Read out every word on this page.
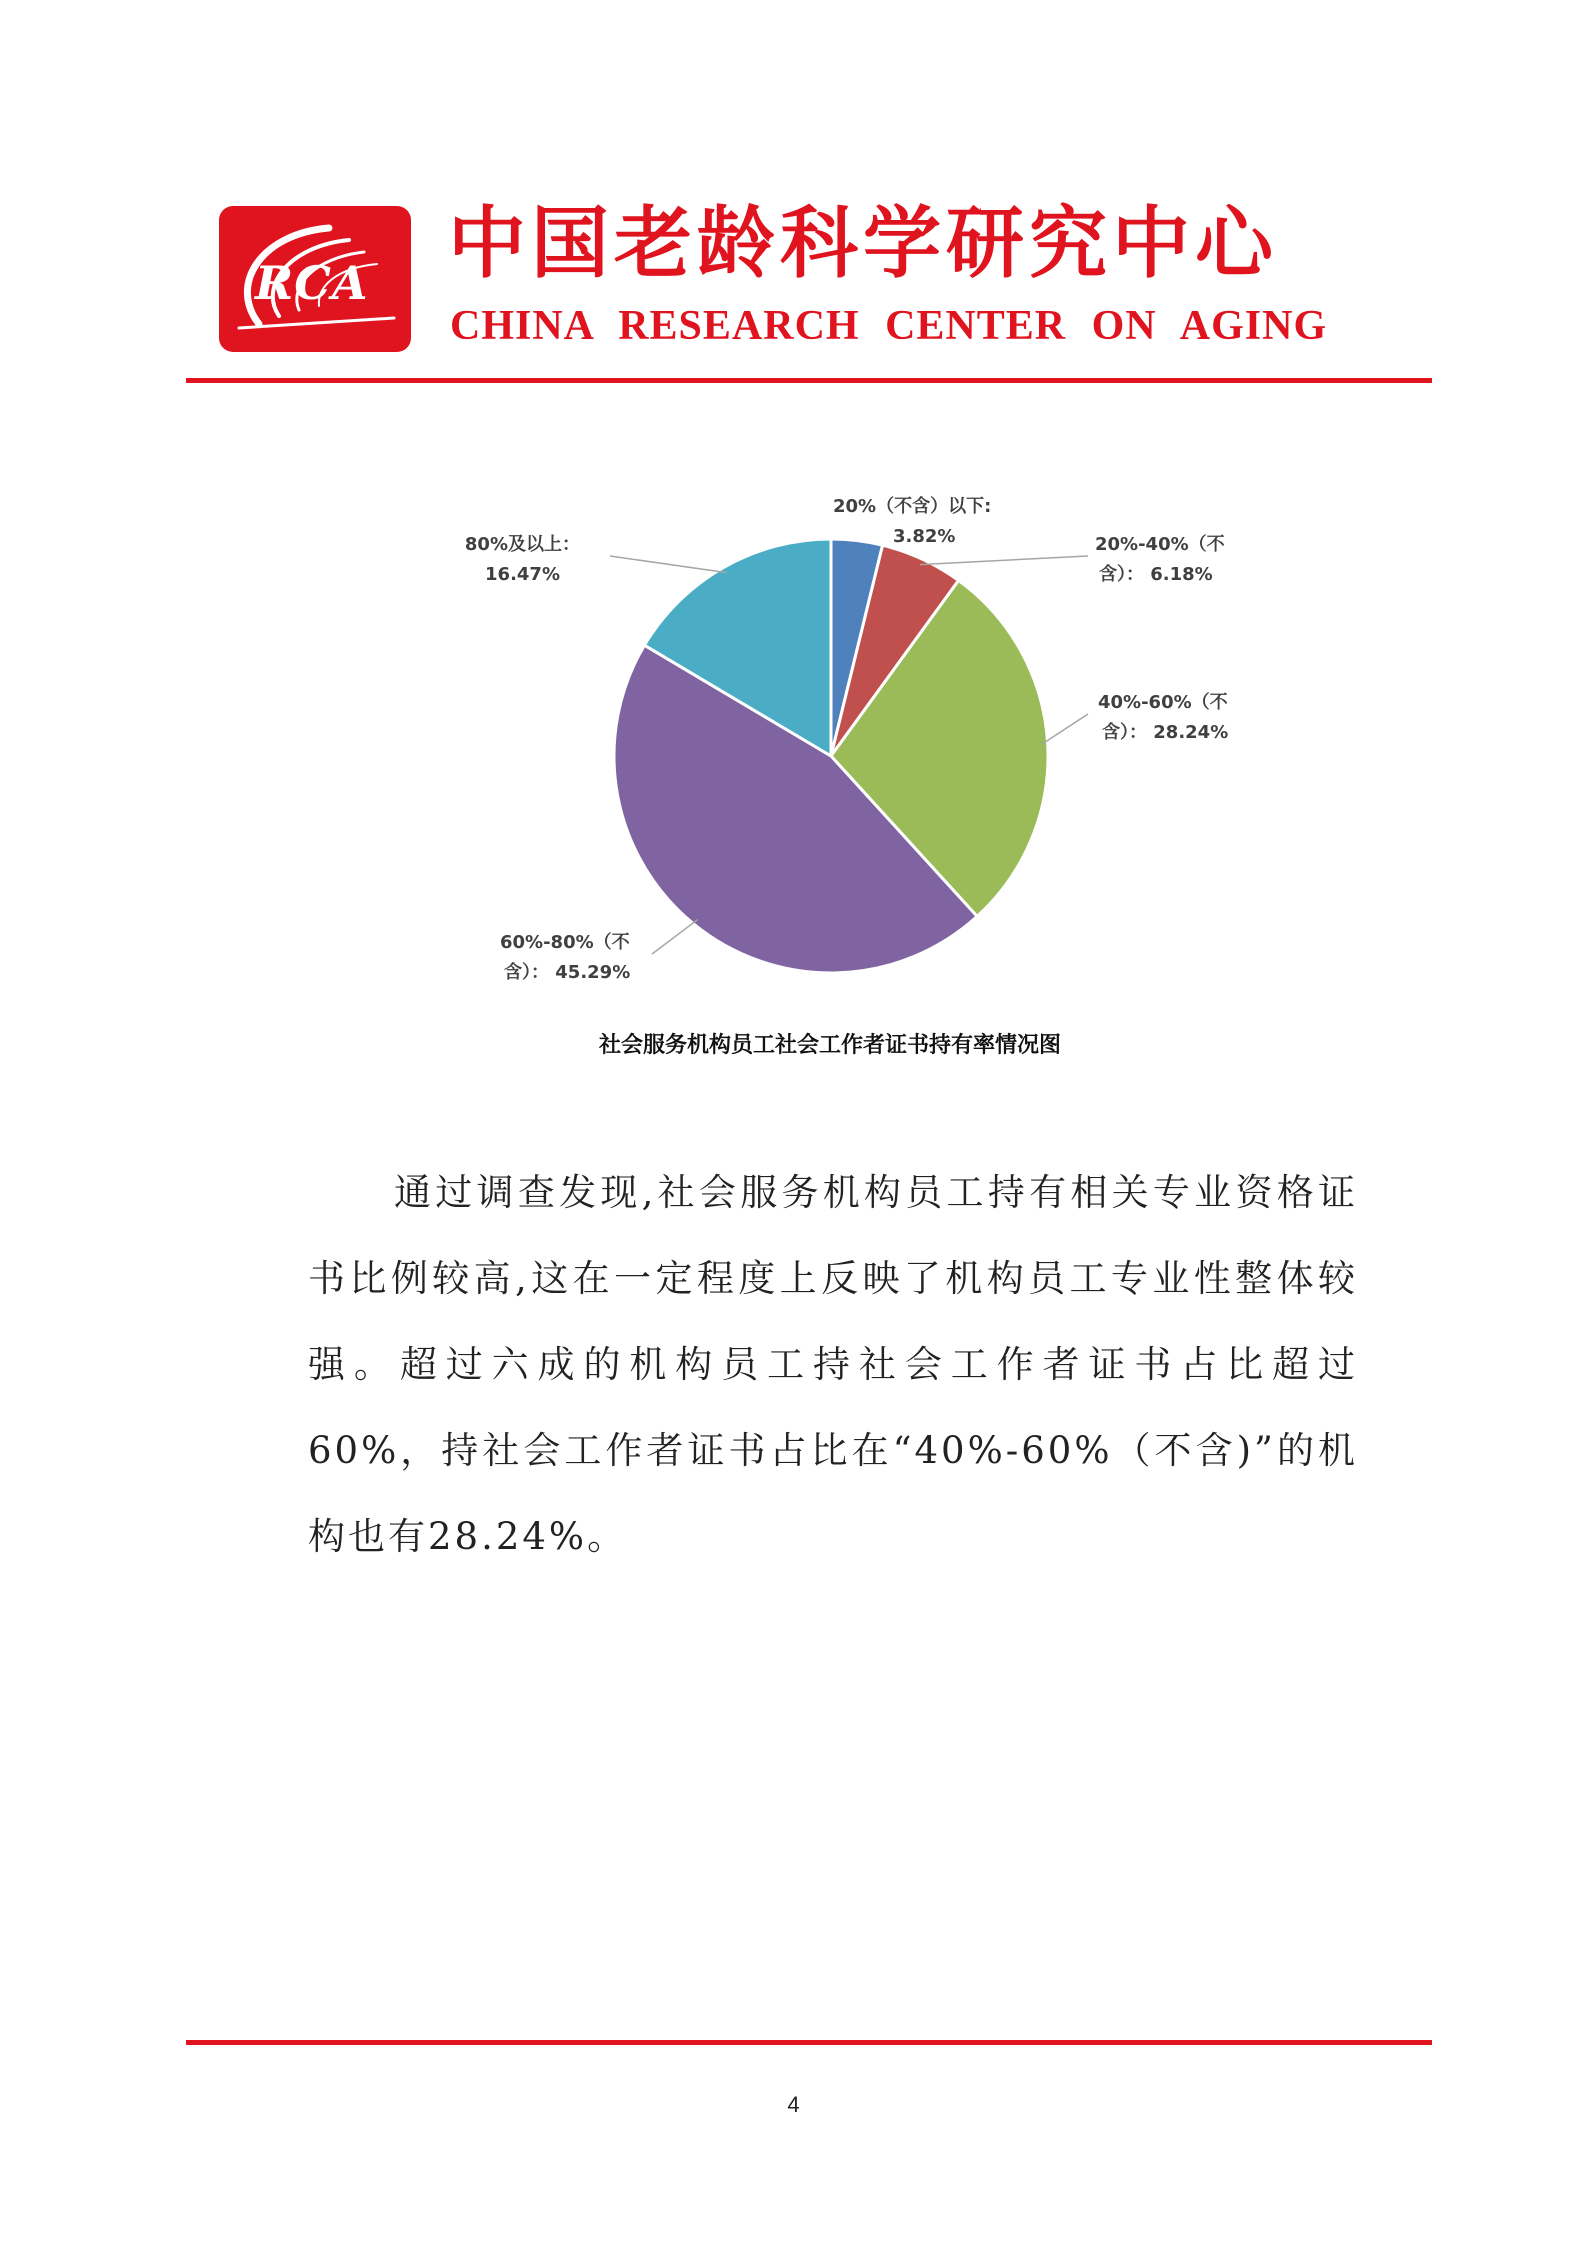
RCA	中国老龄科学研究中心
CHINA RESEARCH CENTER ON AGING
20%（不含）以下: 3.82%	20%-40%（不含）： 6.18%
40%-60%（不含）： 28.24%
60%-80%（不含）： 45.29%
80%及以上： 16.47%
社会服务机构员工社会工作者证书持有率情况图
通过调查发现,社会服务机构员工持有相关专业资格证书比例较高,这在一定程度上反映了机构员工专业性整体较强。超过六成的机构员工持社会工作者证书占比超过60%，持社会工作者证书占比在“40%-60%（不含)”的机构也有28.24%。
4
